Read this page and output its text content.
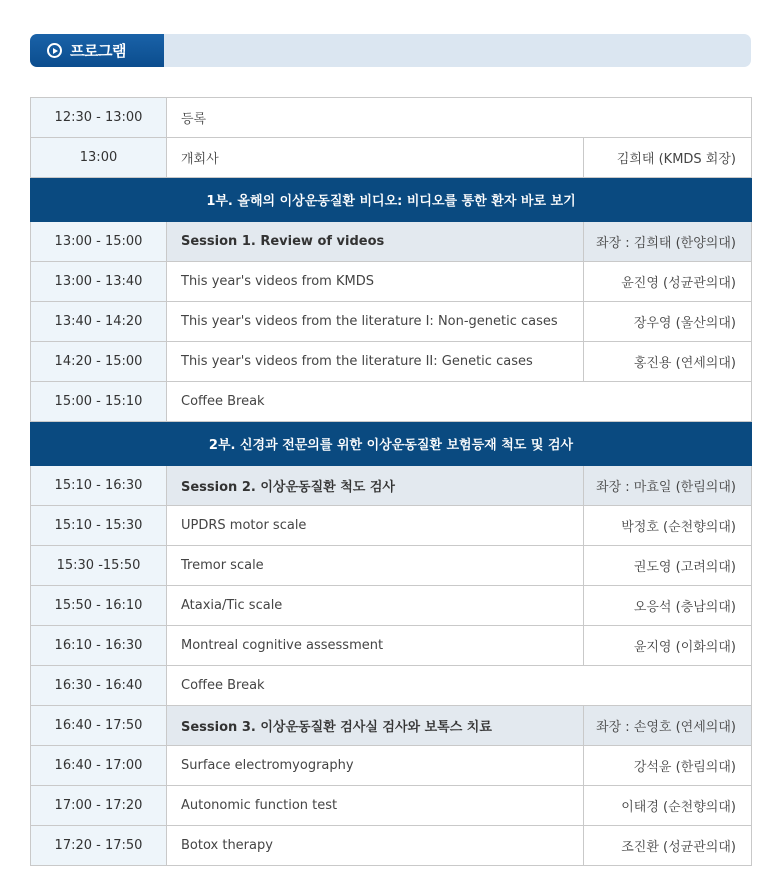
프로그램
12:30 - 13:00	등록	
13:00	개회사	김희태 (KMDS 회장)
1부. 올해의 이상운동질환 비디오: 비디오를 통한 환자 바로 보기		
13:00 - 15:00	Session 1. Review of videos	좌장 : 김희태 (한양의대)
13:00 - 13:40	This year's videos from KMDS	윤진영 (성균관의대)
13:40 - 14:20	This year's videos from the literature I: Non-genetic cases	장우영 (울산의대)
14:20 - 15:00	This year's videos from the literature II: Genetic cases	홍진용 (연세의대)
15:00 - 15:10	Coffee Break	
2부. 신경과 전문의를 위한 이상운동질환 보험등재 척도 및 검사		
15:10 - 16:30	Session 2. 이상운동질환 척도 검사	좌장 : 마효일 (한림의대)
15:10 - 15:30	UPDRS motor scale	박정호 (순천향의대)
15:30 -15:50	Tremor scale	권도영 (고려의대)
15:50 - 16:10	Ataxia/Tic scale	오응석 (충남의대)
16:10 - 16:30	Montreal cognitive assessment	윤지영 (이화의대)
16:30 - 16:40	Coffee Break	
16:40 - 17:50	Session 3. 이상운동질환 검사실 검사와 보톡스 치료	좌장 : 손영호 (연세의대)
16:40 - 17:00	Surface electromyography	강석윤 (한림의대)
17:00 - 17:20	Autonomic function test	이태경 (순천향의대)
17:20 - 17:50	Botox therapy	조진환 (성균관의대)
